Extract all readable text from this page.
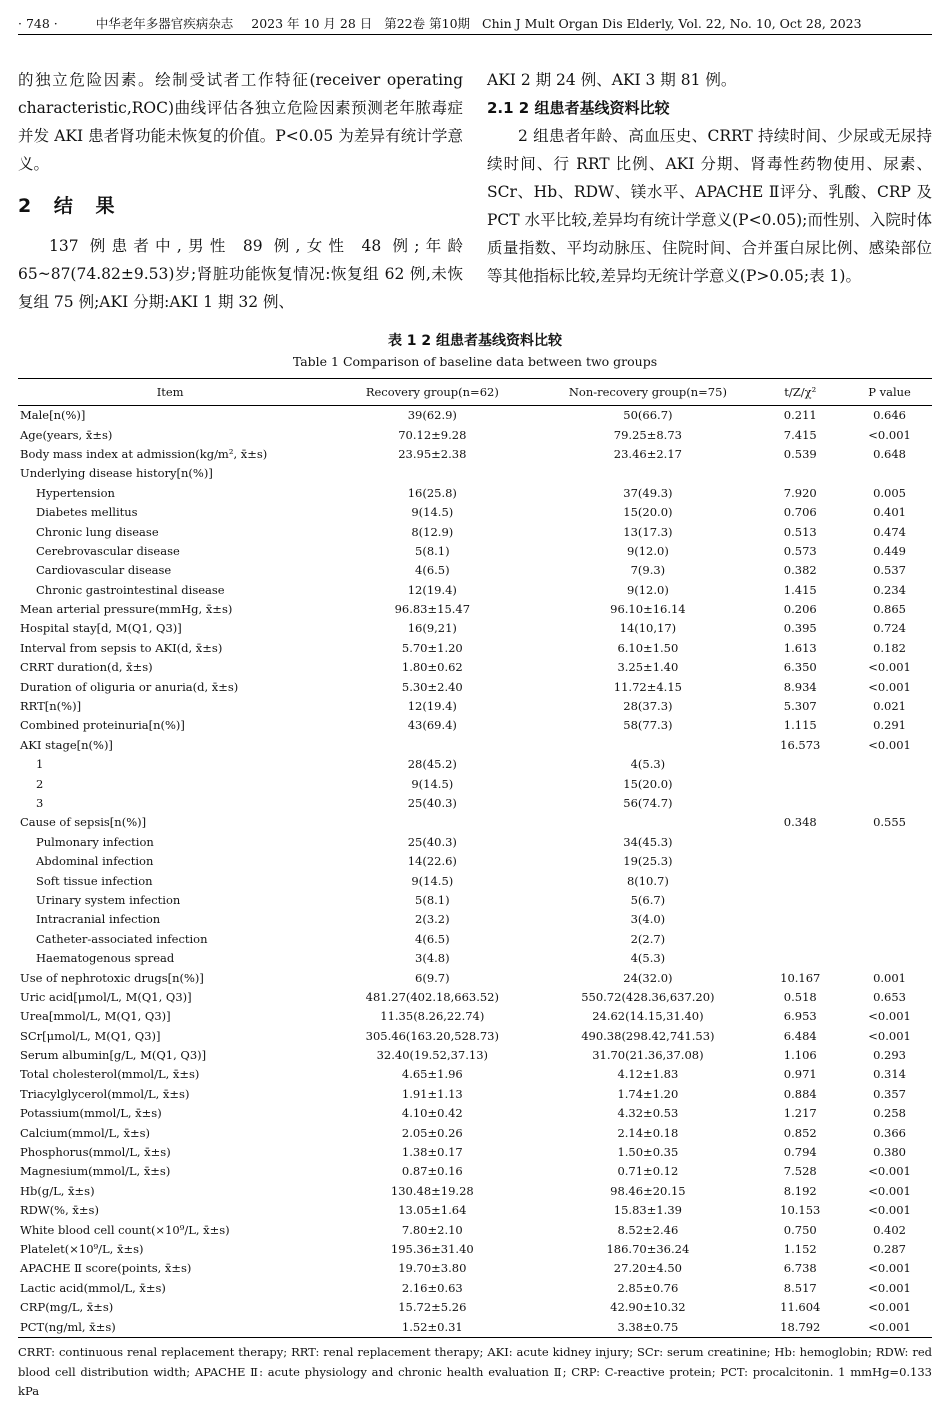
· 748 ·	中华老年多器官疾病杂志 2023 年 10 月 28 日 第22卷 第10期 Chin J Mult Organ Dis Elderly, Vol. 22, No. 10, Oct 28, 2023

的独立危险因素。绘制受试者工作特征(receiver operating characteristic,ROC)曲线评估各独立危险因素预测老年脓毒症并发 AKI 患者肾功能未恢复的价值。P<0.05 为差异有统计学意义。

2 结 果

137 例患者中,男性 89 例,女性 48 例;年龄 65~87(74.82±9.53)岁;肾脏功能恢复情况:恢复组 62 例,未恢复组 75 例;AKI 分期:AKI 1 期 32 例、

AKI 2 期 24 例、AKI 3 期 81 例。

2.1 2 组患者基线资料比较

2 组患者年龄、高血压史、CRRT 持续时间、少尿或无尿持续时间、行 RRT 比例、AKI 分期、肾毒性药物使用、尿素、SCr、Hb、RDW、镁水平、APACHE Ⅱ评分、乳酸、CRP 及 PCT 水平比较,差异均有统计学意义(P<0.05);而性别、入院时体质量指数、平均动脉压、住院时间、合并蛋白尿比例、感染部位等其他指标比较,差异均无统计学意义(P>0.05;表 1)。

表 1 2 组患者基线资料比较
Table 1 Comparison of baseline data between two groups
Item	Recovery group(n=62)	Non-recovery group(n=75)	t/Z/χ²	P value
Male[n(%)]	39(62.9)	50(66.7)	0.211	0.646
Age(years, x̄±s)	70.12±9.28	79.25±8.73	7.415	<0.001
Body mass index at admission(kg/m², x̄±s)	23.95±2.38	23.46±2.17	0.539	0.648
Underlying disease history[n(%)]				
Hypertension	16(25.8)	37(49.3)	7.920	0.005
Diabetes mellitus	9(14.5)	15(20.0)	0.706	0.401
Chronic lung disease	8(12.9)	13(17.3)	0.513	0.474
Cerebrovascular disease	5(8.1)	9(12.0)	0.573	0.449
Cardiovascular disease	4(6.5)	7(9.3)	0.382	0.537
Chronic gastrointestinal disease	12(19.4)	9(12.0)	1.415	0.234
Mean arterial pressure(mmHg, x̄±s)	96.83±15.47	96.10±16.14	0.206	0.865
Hospital stay[d, M(Q1, Q3)]	16(9,21)	14(10,17)	0.395	0.724
Interval from sepsis to AKI(d, x̄±s)	5.70±1.20	6.10±1.50	1.613	0.182
CRRT duration(d, x̄±s)	1.80±0.62	3.25±1.40	6.350	<0.001
Duration of oliguria or anuria(d, x̄±s)	5.30±2.40	11.72±4.15	8.934	<0.001
RRT[n(%)]	12(19.4)	28(37.3)	5.307	0.021
Combined proteinuria[n(%)]	43(69.4)	58(77.3)	1.115	0.291
AKI stage[n(%)]			16.573	<0.001
1	28(45.2)	4(5.3)		
2	9(14.5)	15(20.0)		
3	25(40.3)	56(74.7)		
Cause of sepsis[n(%)]			0.348	0.555
Pulmonary infection	25(40.3)	34(45.3)		
Abdominal infection	14(22.6)	19(25.3)		
Soft tissue infection	9(14.5)	8(10.7)		
Urinary system infection	5(8.1)	5(6.7)		
Intracranial infection	2(3.2)	3(4.0)		
Catheter-associated infection	4(6.5)	2(2.7)		
Haematogenous spread	3(4.8)	4(5.3)		
Use of nephrotoxic drugs[n(%)]	6(9.7)	24(32.0)	10.167	0.001
Uric acid[μmol/L, M(Q1, Q3)]	481.27(402.18,663.52)	550.72(428.36,637.20)	0.518	0.653
Urea[mmol/L, M(Q1, Q3)]	11.35(8.26,22.74)	24.62(14.15,31.40)	6.953	<0.001
SCr[μmol/L, M(Q1, Q3)]	305.46(163.20,528.73)	490.38(298.42,741.53)	6.484	<0.001
Serum albumin[g/L, M(Q1, Q3)]	32.40(19.52,37.13)	31.70(21.36,37.08)	1.106	0.293
Total cholesterol(mmol/L, x̄±s)	4.65±1.96	4.12±1.83	0.971	0.314
Triacylglycerol(mmol/L, x̄±s)	1.91±1.13	1.74±1.20	0.884	0.357
Potassium(mmol/L, x̄±s)	4.10±0.42	4.32±0.53	1.217	0.258
Calcium(mmol/L, x̄±s)	2.05±0.26	2.14±0.18	0.852	0.366
Phosphorus(mmol/L, x̄±s)	1.38±0.17	1.50±0.35	0.794	0.380
Magnesium(mmol/L, x̄±s)	0.87±0.16	0.71±0.12	7.528	<0.001
Hb(g/L, x̄±s)	130.48±19.28	98.46±20.15	8.192	<0.001
RDW(%, x̄±s)	13.05±1.64	15.83±1.39	10.153	<0.001
White blood cell count(×10⁹/L, x̄±s)	7.80±2.10	8.52±2.46	0.750	0.402
Platelet(×10⁹/L, x̄±s)	195.36±31.40	186.70±36.24	1.152	0.287
APACHE Ⅱ score(points, x̄±s)	19.70±3.80	27.20±4.50	6.738	<0.001
Lactic acid(mmol/L, x̄±s)	2.16±0.63	2.85±0.76	8.517	<0.001
CRP(mg/L, x̄±s)	15.72±5.26	42.90±10.32	11.604	<0.001
PCT(ng/ml, x̄±s)	1.52±0.31	3.38±0.75	18.792	<0.001
CRRT: continuous renal replacement therapy; RRT: renal replacement therapy; AKI: acute kidney injury; SCr: serum creatinine; Hb: hemoglobin; RDW: red blood cell distribution width; APACHE Ⅱ: acute physiology and chronic health evaluation Ⅱ; CRP: C-reactive protein; PCT: procalcitonin. 1 mmHg=0.133 kPa
